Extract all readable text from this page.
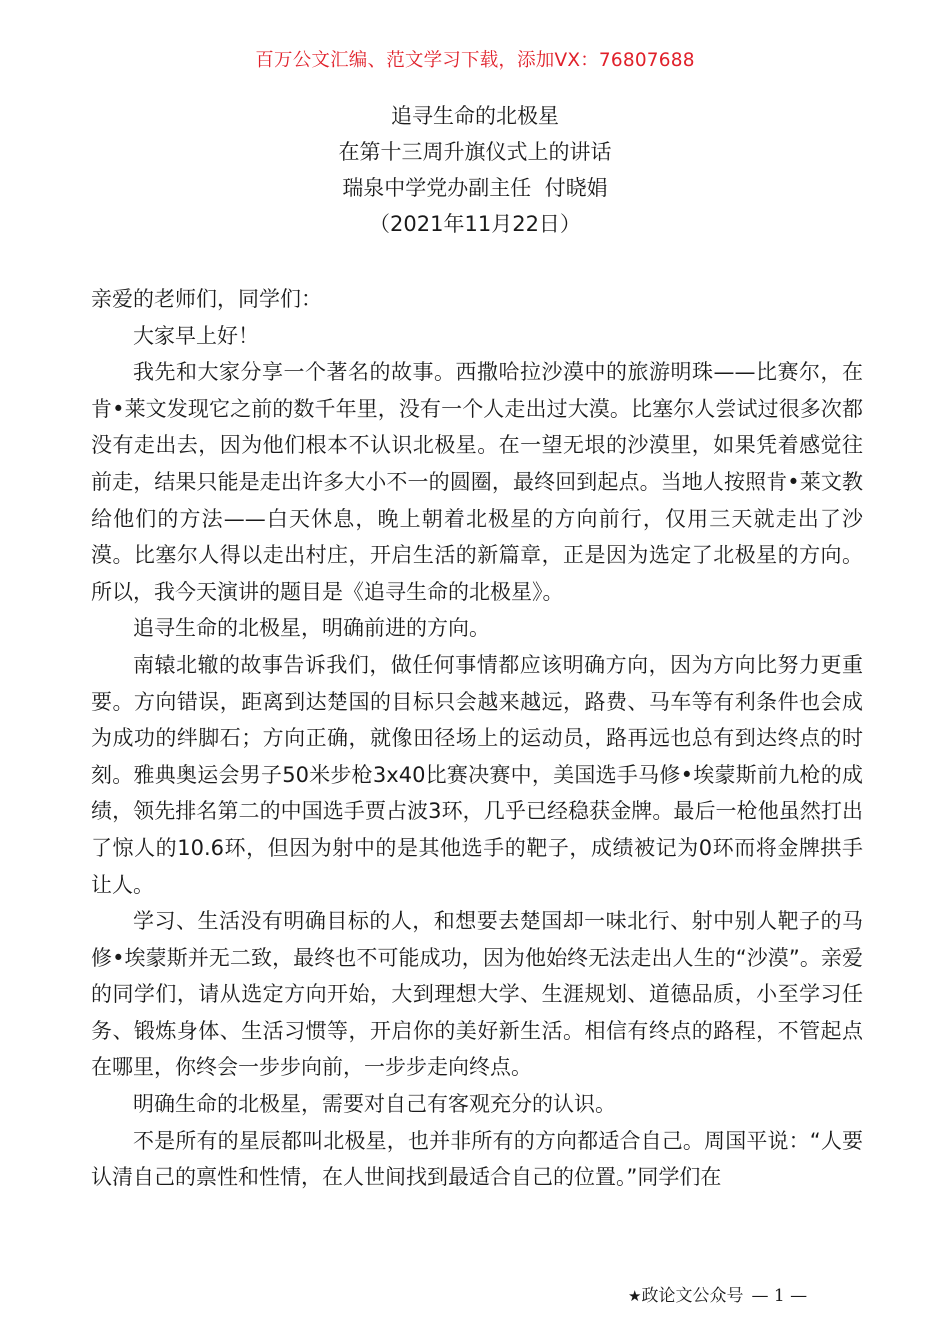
百万公文汇编、范文学习下载，添加VX：76807688
追寻生命的北极星
在第十三周升旗仪式上的讲话
瑞泉中学党办副主任  付晓娟
（2021年11月22日）

亲爱的老师们，同学们：

大家早上好！

我先和大家分享一个著名的故事。西撒哈拉沙漠中的旅游明珠——比赛尔，在肯•莱文发现它之前的数千年里，没有一个人走出过大漠。比塞尔人尝试过很多次都没有走出去，因为他们根本不认识北极星。在一望无垠的沙漠里，如果凭着感觉往前走，结果只能是走出许多大小不一的圆圈，最终回到起点。当地人按照肯•莱文教给他们的方法——白天休息，晚上朝着北极星的方向前行，仅用三天就走出了沙漠。比塞尔人得以走出村庄，开启生活的新篇章，正是因为选定了北极星的方向。所以，我今天演讲的题目是《追寻生命的北极星》。

追寻生命的北极星，明确前进的方向。

南辕北辙的故事告诉我们，做任何事情都应该明确方向，因为方向比努力更重要。方向错误，距离到达楚国的目标只会越来越远，路费、马车等有利条件也会成为成功的绊脚石；方向正确，就像田径场上的运动员，路再远也总有到达终点的时刻。雅典奥运会男子50米步枪3x40比赛决赛中，美国选手马修•埃蒙斯前九枪的成绩，领先排名第二的中国选手贾占波3环，几乎已经稳获金牌。最后一枪他虽然打出了惊人的10.6环，但因为射中的是其他选手的靶子，成绩被记为0环而将金牌拱手让人。

学习、生活没有明确目标的人，和想要去楚国却一味北行、射中别人靶子的马修•埃蒙斯并无二致，最终也不可能成功，因为他始终无法走出人生的“沙漠”。亲爱的同学们，请从选定方向开始，大到理想大学、生涯规划、道德品质，小至学习任务、锻炼身体、生活习惯等，开启你的美好新生活。相信有终点的路程，不管起点在哪里，你终会一步步向前，一步步走向终点。

明确生命的北极星，需要对自己有客观充分的认识。

不是所有的星辰都叫北极星，也并非所有的方向都适合自己。周国平说：“人要认清自己的禀性和性情，在人世间找到最适合自己的位置。”同学们在

★政论文公众号 — 1 —
